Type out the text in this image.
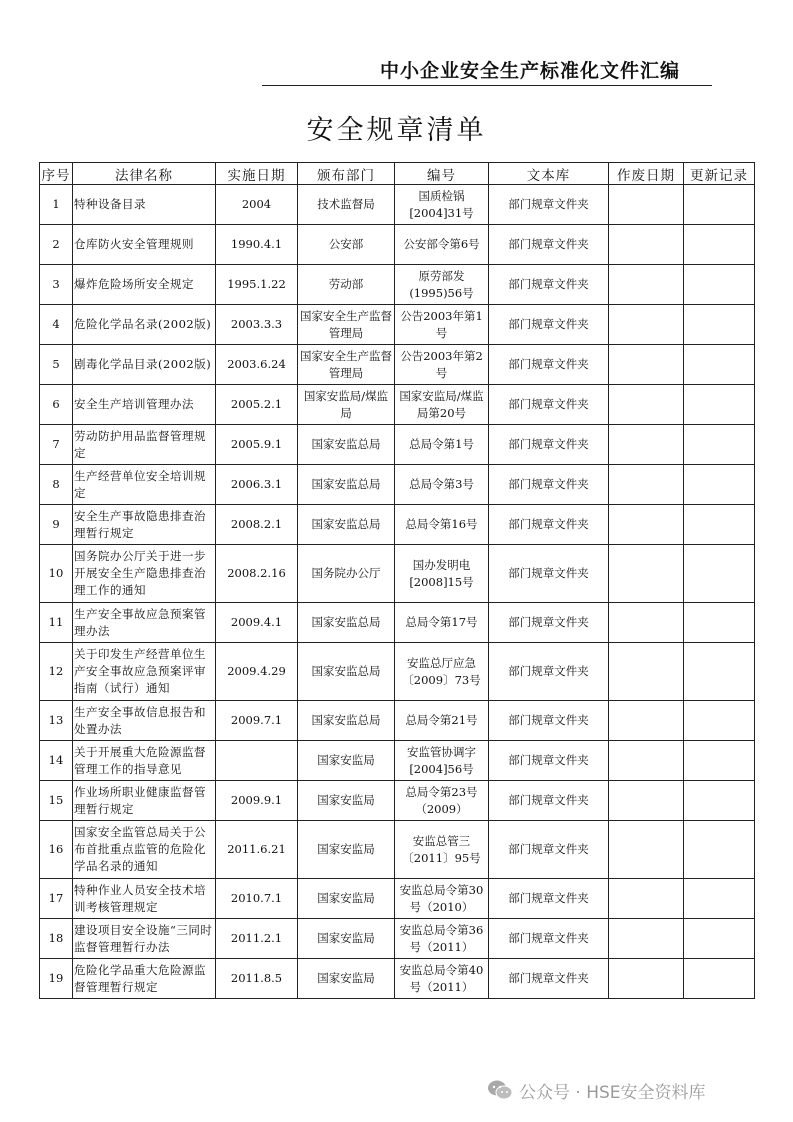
中小企业安全生产标准化文件汇编
安全规章清单
序号	法律名称	实施日期	颁布部门	编号	文本库	作废日期	更新记录
1	特种设备目录	2004	技术监督局	国质检锅[2004]31号	部门规章文件夹		
2	仓库防火安全管理规则	1990.4.1	公安部	公安部令第6号	部门规章文件夹		
3	爆炸危险场所安全规定	1995.1.22	劳动部	原劳部发(1995)56号	部门规章文件夹		
4	危险化学品名录(2002版)	2003.3.3	国家安全生产监督管理局	公告2003年第1号	部门规章文件夹		
5	剧毒化学品目录(2002版)	2003.6.24	国家安全生产监督管理局	公告2003年第2号	部门规章文件夹		
6	安全生产培训管理办法	2005.2.1	国家安监局/煤监局	国家安监局/煤监局第20号	部门规章文件夹		
7	劳动防护用品监督管理规定	2005.9.1	国家安监总局	总局令第1号	部门规章文件夹		
8	生产经营单位安全培训规定	2006.3.1	国家安监总局	总局令第3号	部门规章文件夹		
9	安全生产事故隐患排查治理暂行规定	2008.2.1	国家安监总局	总局令第16号	部门规章文件夹		
10	国务院办公厅关于进一步开展安全生产隐患排查治理工作的通知	2008.2.16	国务院办公厅	国办发明电[2008]15号	部门规章文件夹		
11	生产安全事故应急预案管理办法	2009.4.1	国家安监总局	总局令第17号	部门规章文件夹		
12	关于印发生产经营单位生产安全事故应急预案评审指南（试行）通知	2009.4.29	国家安监总局	安监总厅应急〔2009〕73号	部门规章文件夹		
13	生产安全事故信息报告和处置办法	2009.7.1	国家安监总局	总局令第21号	部门规章文件夹		
14	关于开展重大危险源监督管理工作的指导意见		国家安监局	安监管协调字[2004]56号	部门规章文件夹		
15	作业场所职业健康监督管理暂行规定	2009.9.1	国家安监局	总局令第23号（2009）	部门规章文件夹		
16	国家安全监管总局关于公布首批重点监管的危险化学品名录的通知	2011.6.21	国家安监局	安监总管三〔2011〕95号	部门规章文件夹		
17	特种作业人员安全技术培训考核管理规定	2010.7.1	国家安监局	安监总局令第30号（2010）	部门规章文件夹		
18	建设项目安全设施“三同时监督管理暂行办法	2011.2.1	国家安监局	安监总局令第36号（2011）	部门规章文件夹		
19	危险化学品重大危险源监督管理暂行规定	2011.8.5	国家安监局	安监总局令第40号（2011）	部门规章文件夹		
公众号 · HSE安全资料库
